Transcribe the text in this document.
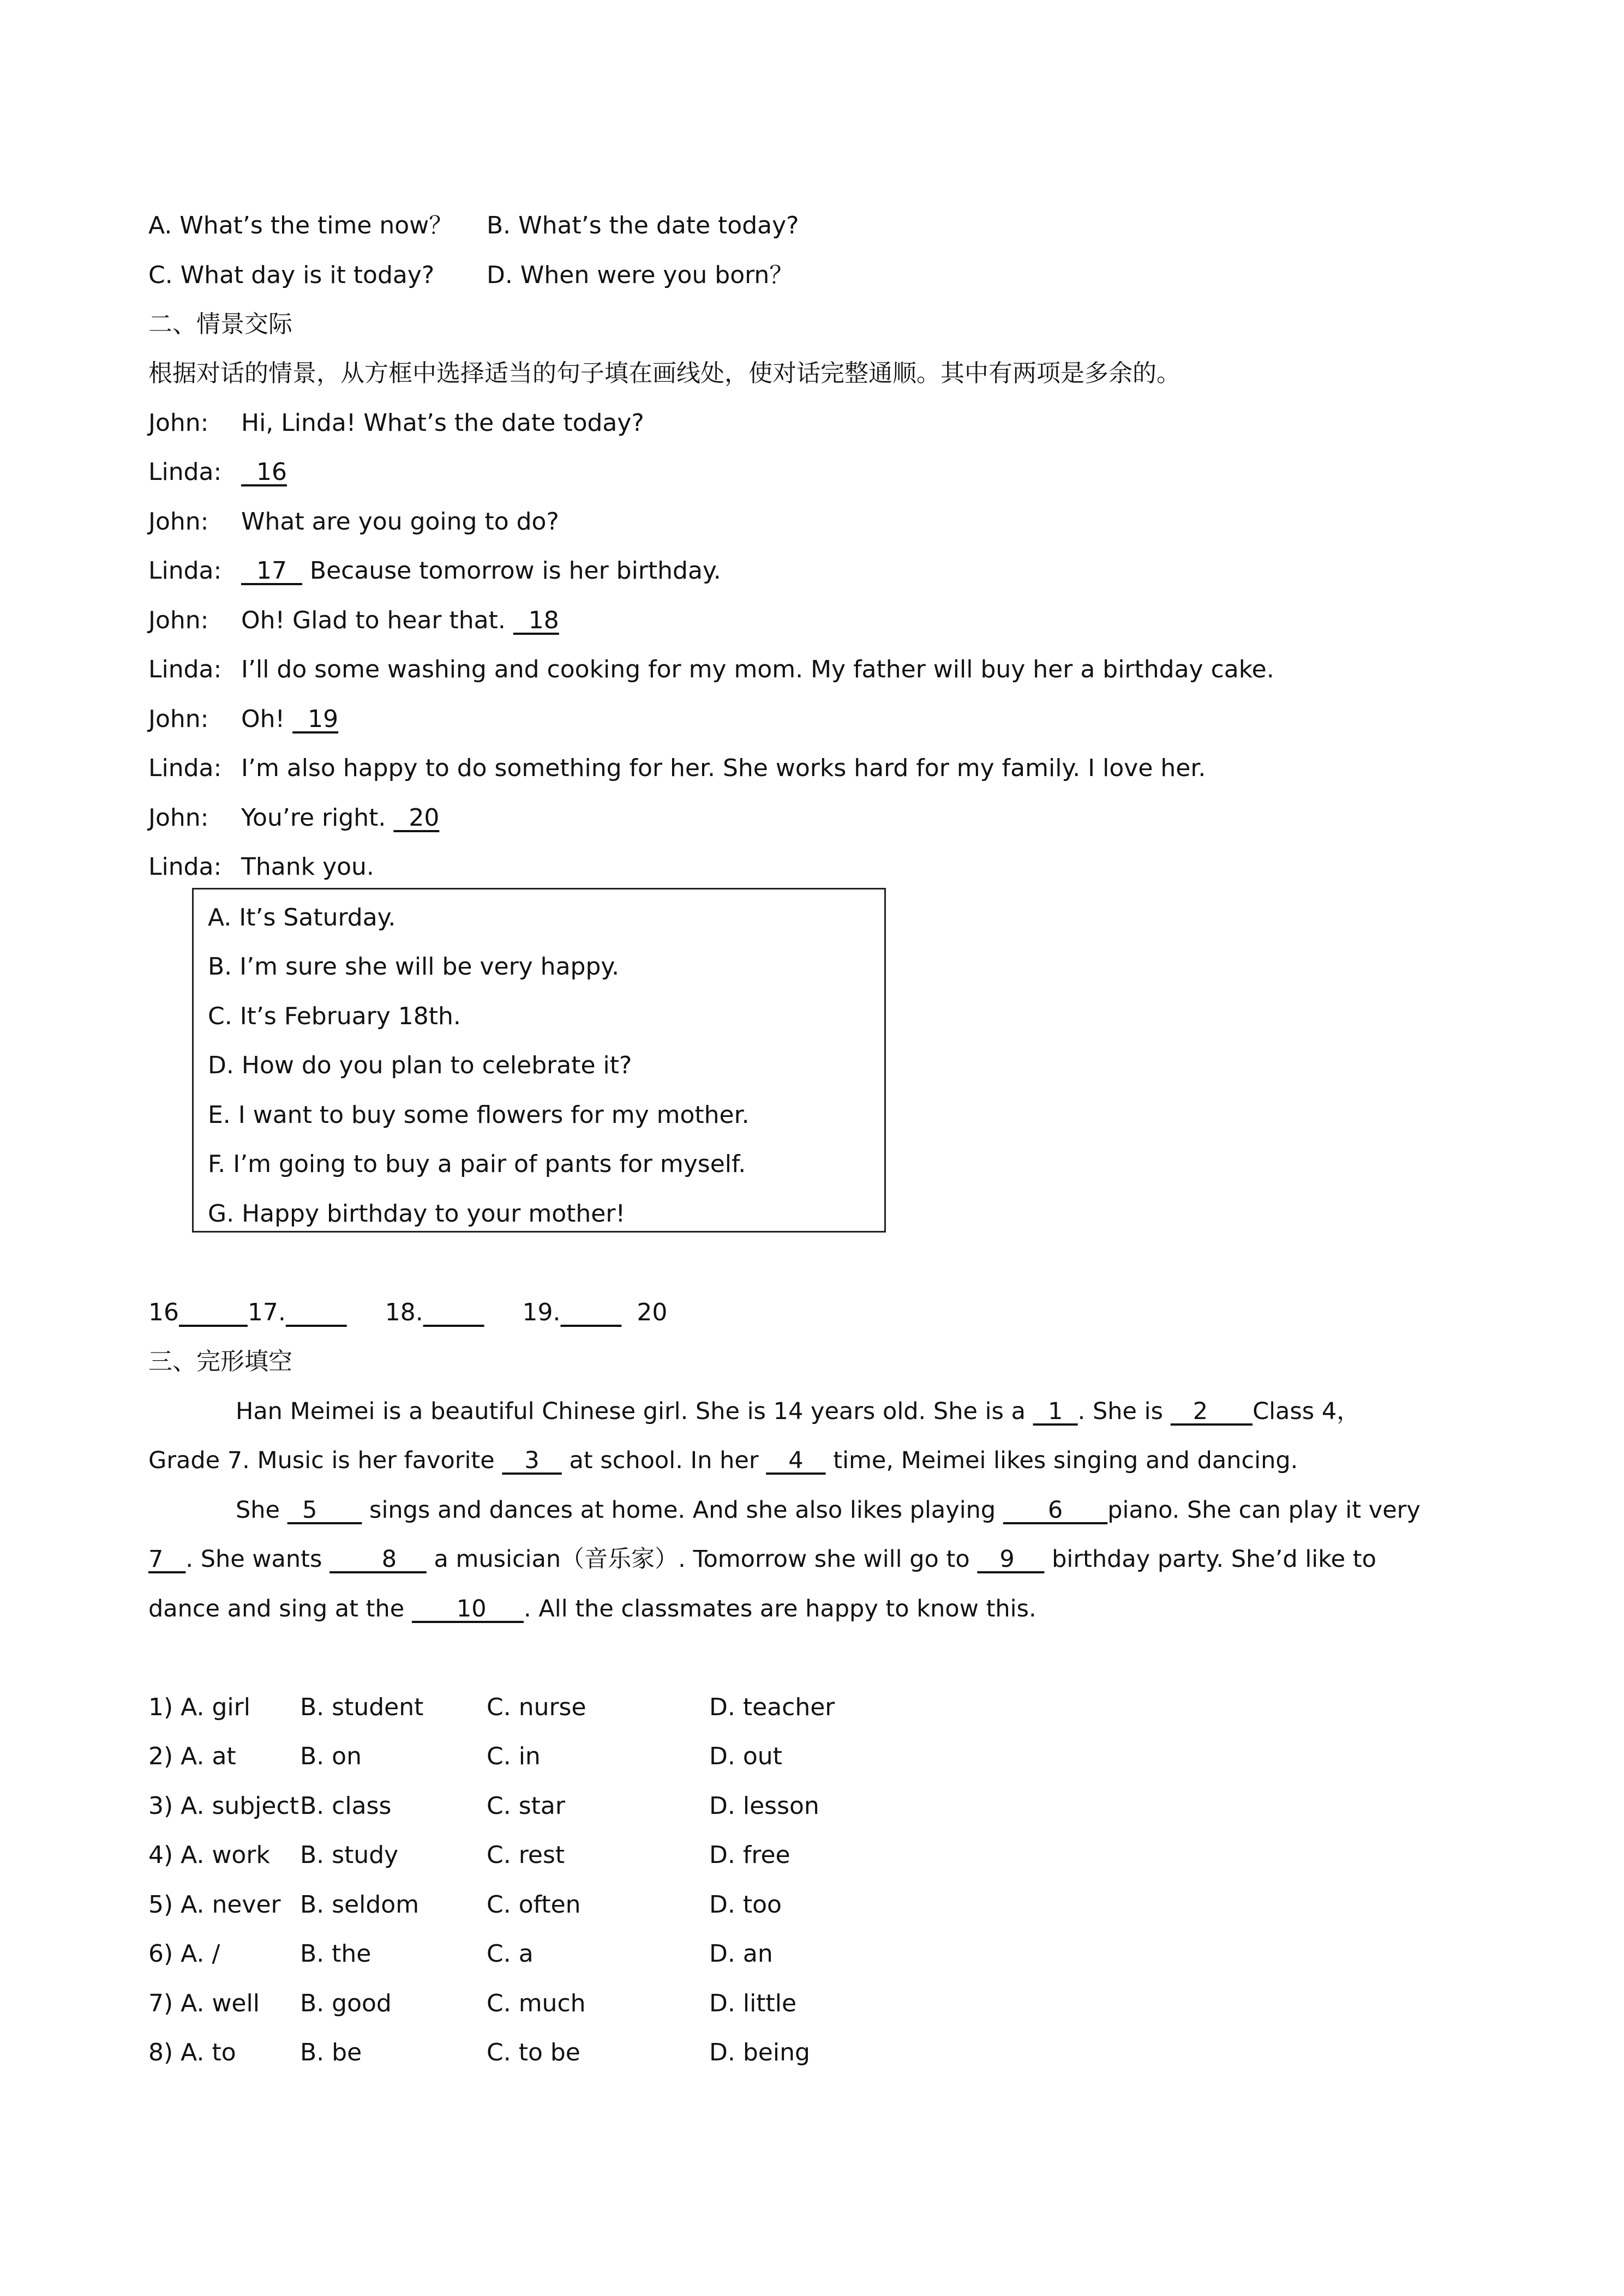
A. What’s the time now？ B. What’s the date today?
C. What day is it today? D. When were you born？
二、情景交际
根据对话的情景，从方框中选择适当的句子填在画线处，使对话完整通顺。其中有两项是多余的。
John: Hi, Linda! What’s the date today?
Linda:  16
John: What are you going to do?
Linda:  17   Because tomorrow is her birthday.
John: Oh! Glad to hear that.   18
Linda: I’ll do some washing and cooking for my mom. My father will buy her a birthday cake.
John: Oh!   19
Linda: I’m also happy to do something for her. She works hard for my family. I love her.
John: You’re right.   20
Linda: Thank you.
A. It’s Saturday.
B. I’m sure she will be very happy.
C. It’s February 18th.
D. How do you plan to celebrate it?
E. I want to buy some flowers for my mother.
F. I’m going to buy a pair of pants for myself.
G. Happy birthday to your mother!
16	17.	18.	19.	20
三、完形填空
Han Meimei is a beautiful Chinese girl. She is 14 years old. She is a   1  . She is    2      Class 4，
Grade 7. Music is her favorite    3    at school. In her    4    time, Meimei likes singing and dancing.
She   5       sings and dances at home. And she also likes playing       6      piano. She can play it very
7   . She wants        8     a musician（音乐家）. Tomorrow she will go to    9     birthday party. She’d like to
dance and sing at the       10     . All the classmates are happy to know this.
1) A. girl B. student	C. nurse	D. teacher
2) A. at	B. on	C. in	D. out
3) A. subject B. class	C. star	D. lesson
4) A. work B. study	C. rest	D. free
5) A. never B. seldom	C. often	D. too
6) A. /	B. the	C. a	D. an
7) A. well B. good	C. much	D. little
8) A. to	B. be	C. to be	D. being
